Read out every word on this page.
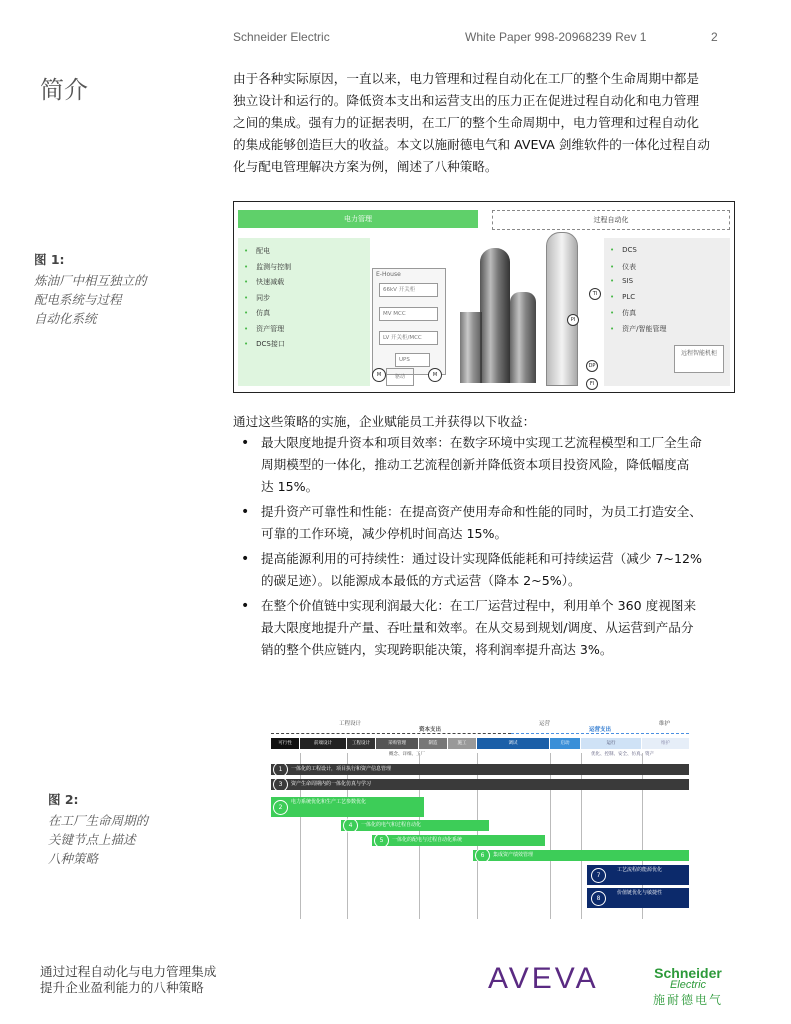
Schneider Electric	White Paper 998-20968239 Rev 1	2
简介	由于各种实际原因，一直以来，电力管理和过程自动化在工厂的整个生命周期中都是
独立设计和运行的。降低资本支出和运营支出的压力正在促进过程自动化和电力管理
之间的集成。强有力的证据表明，在工厂的整个生命周期中，电力管理和过程自动化
的集成能够创造巨大的收益。本文以施耐德电气和 AVEVA 剑维软件的一体化过程自动
化与配电管理解决方案为例，阐述了八种策略。
图 1:
炼油厂中相互独立的
配电系统与过程
自动化系统
电力管理	过程自动化
• 配电
• 监测与控制
• 快速减载
• 同步
• 仿真
• 资产管理
• DCS接口
E-House
66kV 开关柜
MV MCC
LV 开关柜/MCC
UPS
M	驱动	M
TI
PI
DP
FI
• DCS
• 仪表
• SIS
• PLC
• 仿真
• 资产/智能管理
远程智能机柜
通过这些策略的实施，企业赋能员工并获得以下收益：
• 最大限度地提升资本和项目效率：在数字环境中实现工艺流程模型和工厂全生命
周期模型的一体化，推动工艺流程创新并降低资本项目投资风险，降低幅度高
达 15%。
• 提升资产可靠性和性能：在提高资产使用寿命和性能的同时，为员工打造安全、
可靠的工作环境，减少停机时间高达 15%。
• 提高能源利用的可持续性：通过设计实现降低能耗和可持续运营（减少 7~12%
的碳足迹）。以能源成本最低的方式运营（降本 2~5%）。
• 在整个价值链中实现利润最大化：在工厂运营过程中，利用单个 360 度视图来
最大限度地提升产量、吞吐量和效率。在从交易到规划/调度、从运营到产品分
销的整个供应链内，实现跨职能决策，将利润率提升高达 3%。
图 2:
在工厂生命周期的
关键节点上描述
八种策略
工程设计
资本支出
运营
运营支出
维护
可行性	前端设计	工程设计	采购管理	制造	施工	调试	启动	运行	维护
概念、详细、工厂	优化、控制、安全、仿真、资产
1	一体化的工程设计，项目执行和资产信息管理
3	资产生命周期内的一体化仿真与学习
2
电力系统优化和生产工艺参数优化
4	一体化的电气和过程自动化
5	一体化的配电与过程自动化系统
6	集成资产绩效管理
7
工艺流程的能源优化
8
价值链优化与敏捷性
通过过程自动化与电力管理集成
提升企业盈利能力的八种策略	AVEVA	Schneider
Electric
施耐德电气
